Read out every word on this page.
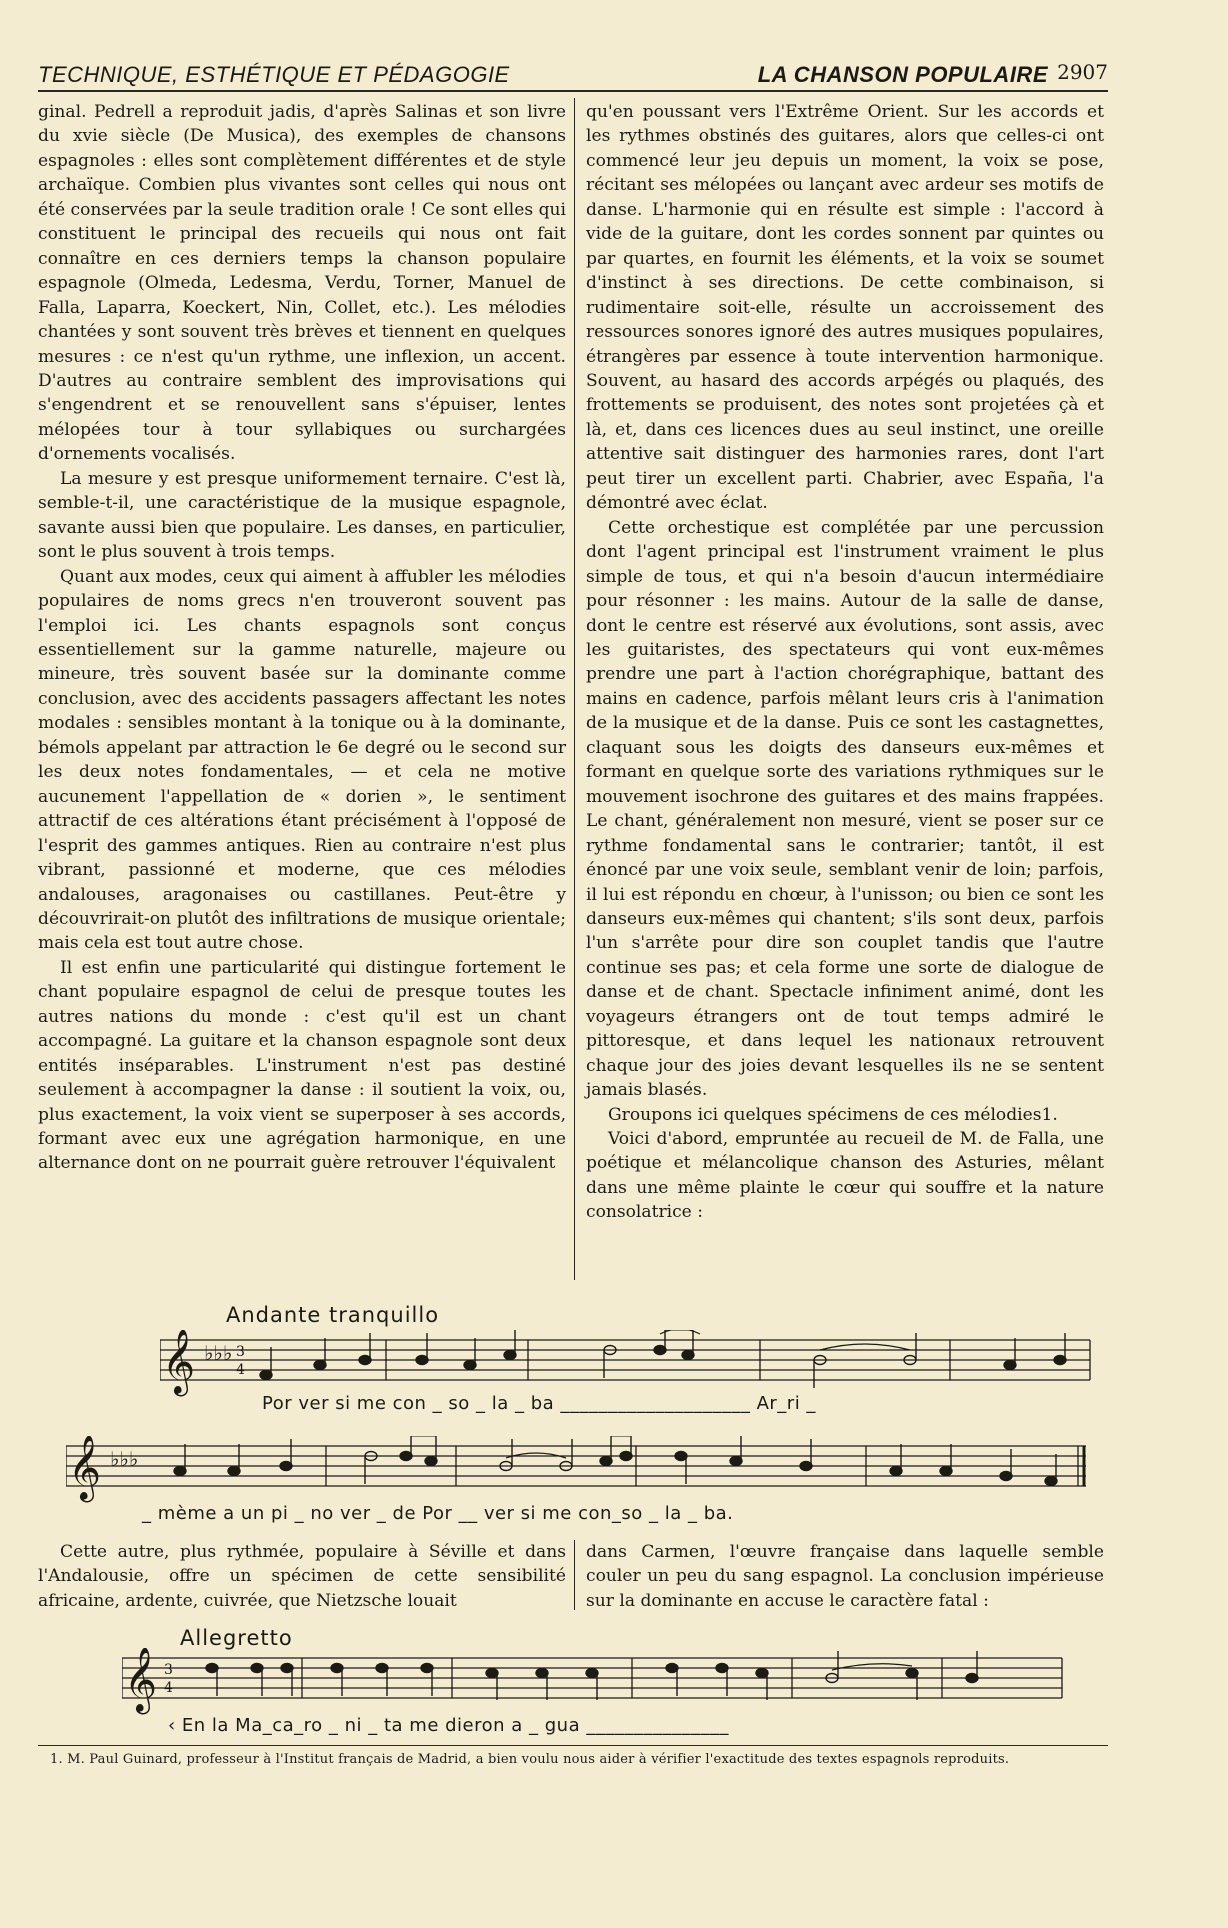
TECHNIQUE, ESTHÉTIQUE ET PÉDAGOGIE	LA CHANSON POPULAIRE 2907

ginal. Pedrell a reproduit jadis, d'après Salinas et son livre du xvie siècle (De Musica), des exemples de chansons espagnoles : elles sont complètement différentes et de style archaïque. Combien plus vivantes sont celles qui nous ont été conservées par la seule tradition orale ! Ce sont elles qui constituent le principal des recueils qui nous ont fait connaître en ces derniers temps la chanson populaire espagnole (Olmeda, Ledesma, Verdu, Torner, Manuel de Falla, Laparra, Koeckert, Nin, Collet, etc.). Les mélodies chantées y sont souvent très brèves et tiennent en quelques mesures : ce n'est qu'un rythme, une inflexion, un accent. D'autres au contraire semblent des improvisations qui s'engendrent et se renouvellent sans s'épuiser, lentes mélopées tour à tour syllabiques ou surchargées d'ornements vocalisés.

La mesure y est presque uniformement ternaire. C'est là, semble-t-il, une caractéristique de la musique espagnole, savante aussi bien que populaire. Les danses, en particulier, sont le plus souvent à trois temps.

Quant aux modes, ceux qui aiment à affubler les mélodies populaires de noms grecs n'en trouveront souvent pas l'emploi ici. Les chants espagnols sont conçus essentiellement sur la gamme naturelle, majeure ou mineure, très souvent basée sur la dominante comme conclusion, avec des accidents passagers affectant les notes modales : sensibles montant à la tonique ou à la dominante, bémols appelant par attraction le 6e degré ou le second sur les deux notes fondamentales, — et cela ne motive aucunement l'appellation de « dorien », le sentiment attractif de ces altérations étant précisément à l'opposé de l'esprit des gammes antiques. Rien au contraire n'est plus vibrant, passionné et moderne, que ces mélodies andalouses, aragonaises ou castillanes. Peut-être y découvrirait-on plutôt des infiltrations de musique orientale; mais cela est tout autre chose.

Il est enfin une particularité qui distingue fortement le chant populaire espagnol de celui de presque toutes les autres nations du monde : c'est qu'il est un chant accompagné. La guitare et la chanson espagnole sont deux entités inséparables. L'instrument n'est pas destiné seulement à accompagner la danse : il soutient la voix, ou, plus exactement, la voix vient se superposer à ses accords, formant avec eux une agrégation harmonique, en une alternance dont on ne pourrait guère retrouver l'équivalent

qu'en poussant vers l'Extrême Orient. Sur les accords et les rythmes obstinés des guitares, alors que celles-ci ont commencé leur jeu depuis un moment, la voix se pose, récitant ses mélopées ou lançant avec ardeur ses motifs de danse. L'harmonie qui en résulte est simple : l'accord à vide de la guitare, dont les cordes sonnent par quintes ou par quartes, en fournit les éléments, et la voix se soumet d'instinct à ses directions. De cette combinaison, si rudimentaire soit-elle, résulte un accroissement des ressources sonores ignoré des autres musiques populaires, étrangères par essence à toute intervention harmonique. Souvent, au hasard des accords arpégés ou plaqués, des frottements se produisent, des notes sont projetées çà et là, et, dans ces licences dues au seul instinct, une oreille attentive sait distinguer des harmonies rares, dont l'art peut tirer un excellent parti. Chabrier, avec España, l'a démontré avec éclat.

Cette orchestique est complétée par une percussion dont l'agent principal est l'instrument vraiment le plus simple de tous, et qui n'a besoin d'aucun intermédiaire pour résonner : les mains. Autour de la salle de danse, dont le centre est réservé aux évolutions, sont assis, avec les guitaristes, des spectateurs qui vont eux-mêmes prendre une part à l'action chorégraphique, battant des mains en cadence, parfois mêlant leurs cris à l'animation de la musique et de la danse. Puis ce sont les castagnettes, claquant sous les doigts des danseurs eux-mêmes et formant en quelque sorte des variations rythmiques sur le mouvement isochrone des guitares et des mains frappées. Le chant, généralement non mesuré, vient se poser sur ce rythme fondamental sans le contrarier; tantôt, il est énoncé par une voix seule, semblant venir de loin; parfois, il lui est répondu en chœur, à l'unisson; ou bien ce sont les danseurs eux-mêmes qui chantent; s'ils sont deux, parfois l'un s'arrête pour dire son couplet tandis que l'autre continue ses pas; et cela forme une sorte de dialogue de danse et de chant. Spectacle infiniment animé, dont les voyageurs étrangers ont de tout temps admiré le pittoresque, et dans lequel les nationaux retrouvent chaque jour des joies devant lesquelles ils ne se sentent jamais blasés.

Groupons ici quelques spécimens de ces mélodies1.

Voici d'abord, empruntée au recueil de M. de Falla, une poétique et mélancolique chanson des Asturies, mêlant dans une même plainte le cœur qui souffre et la nature consolatrice :

Andante tranquillo
𝄞 ♭♭♭ 3
4
Por ver si me con _ so _ la _ ba ____________________ Ar_ri _
𝄞 ♭♭♭
_ mème a un pi _ no ver _ de Por __ ver si me con_so _ la _ ba.

Cette autre, plus rythmée, populaire à Séville et dans l'Andalousie, offre un spécimen de cette sensibilité africaine, ardente, cuivrée, que Nietzsche louait

dans Carmen, l'œuvre française dans laquelle semble couler un peu du sang espagnol. La conclusion impérieuse sur la dominante en accuse le caractère fatal :

Allegretto
𝄞 3
4
‹ En la Ma_ca_ro _ ni _ ta me dieron a _ gua _______________
1. M. Paul Guinard, professeur à l'Institut français de Madrid, a bien voulu nous aider à vérifier l'exactitude des textes espagnols reproduits.
